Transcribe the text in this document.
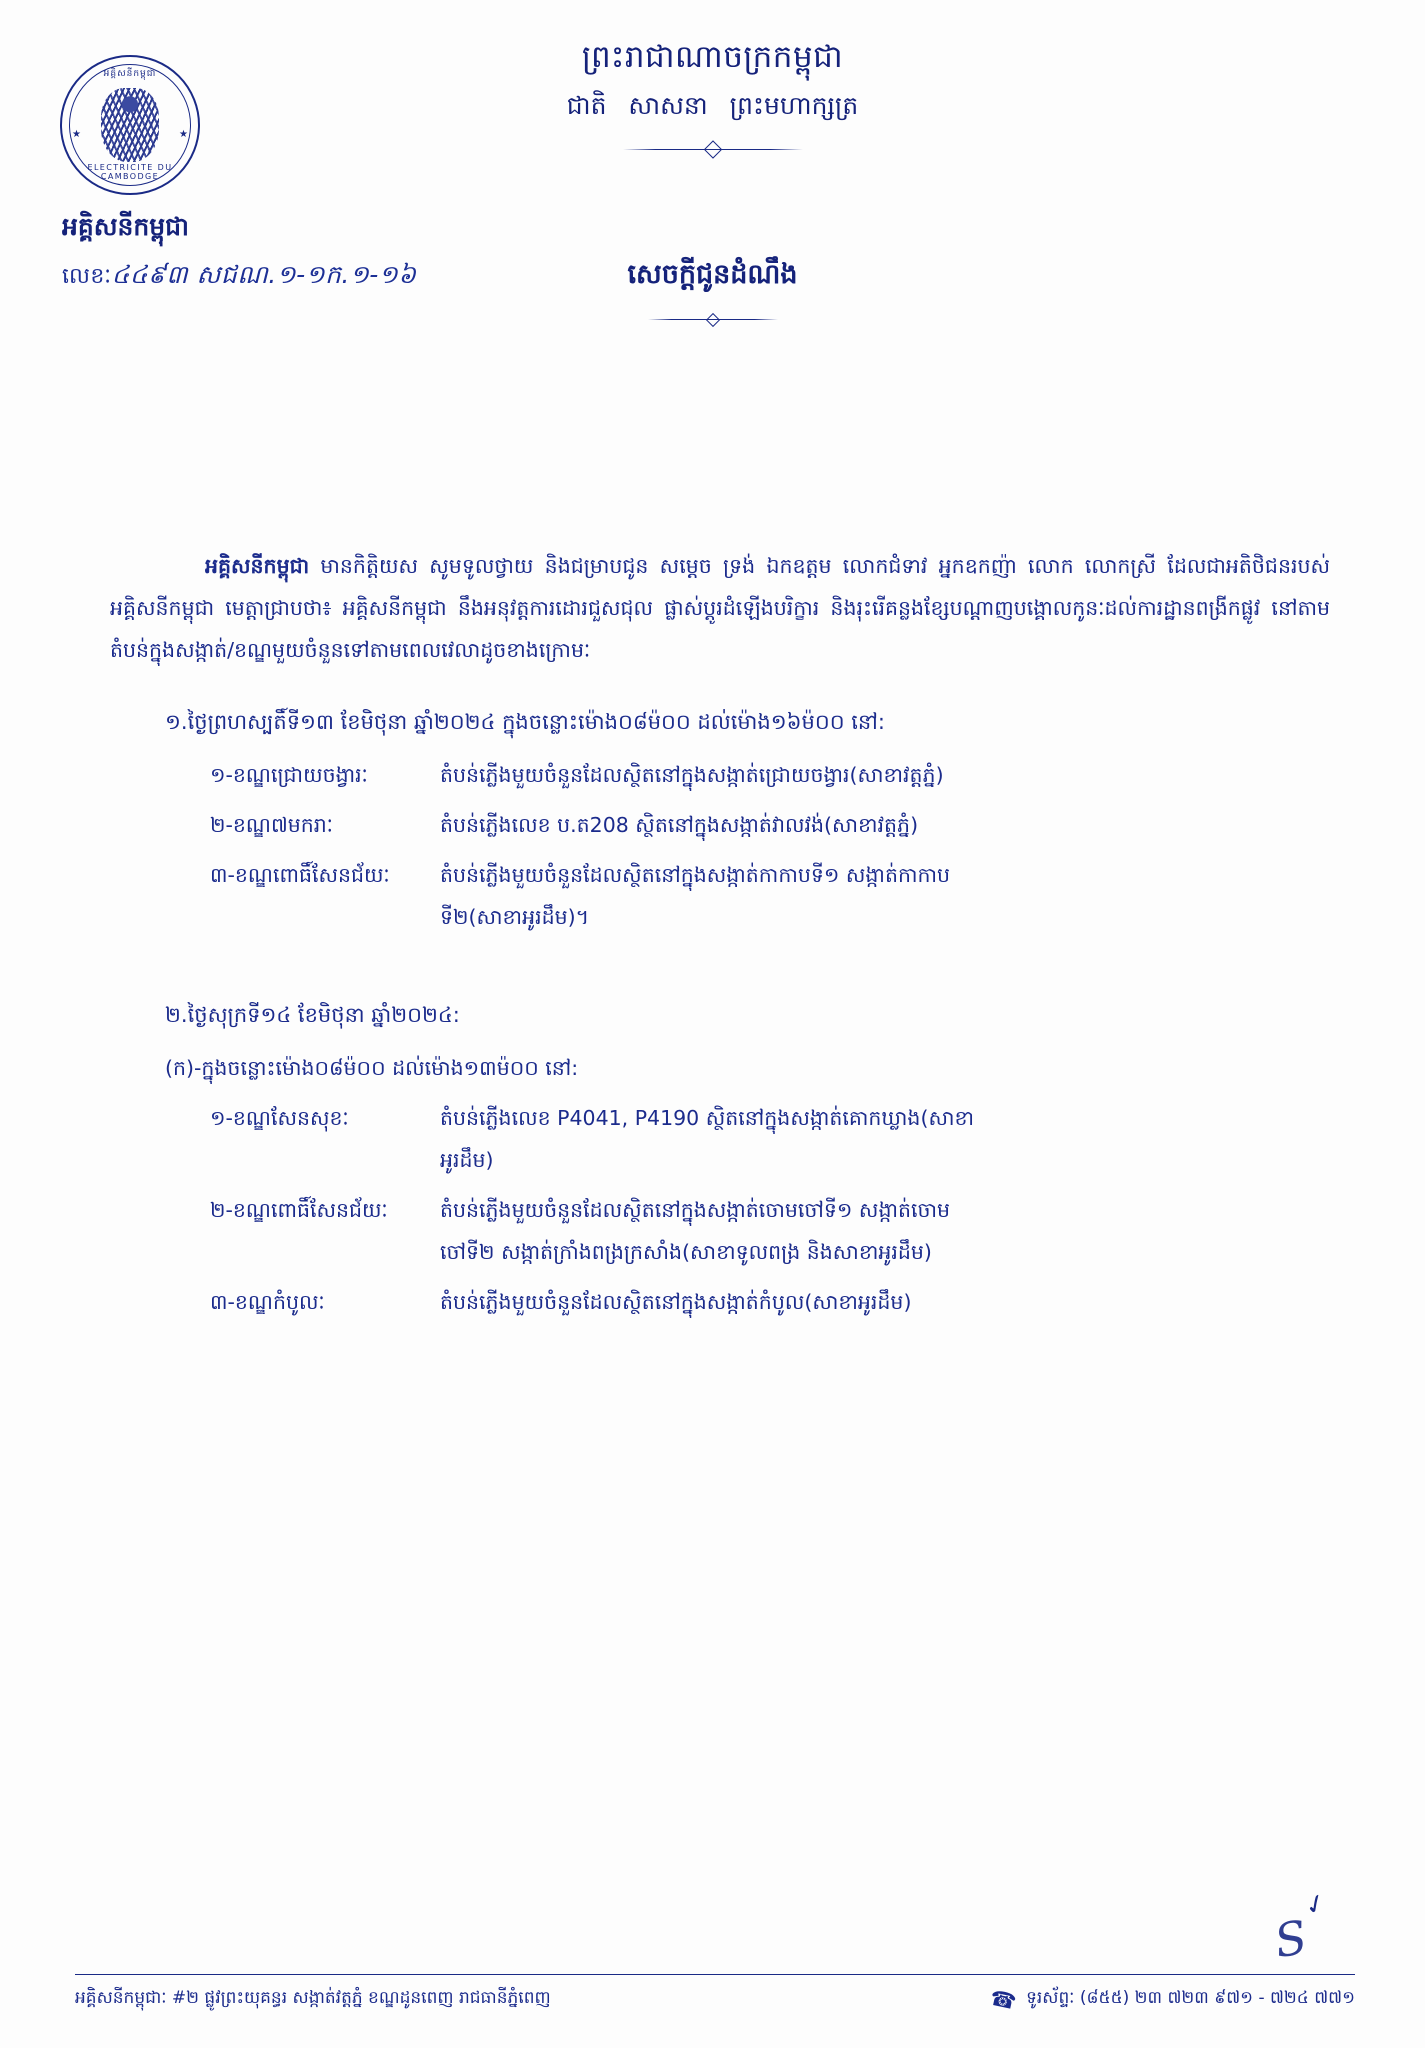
អគ្គិសនីកម្ពុជា
★	★
ELECTRICITE DU CAMBODGE
ព្រះរាជាណាចក្រកម្ពុជា
ជាតិ សាសនា ព្រះមហាក្សត្រ
អគ្គិសនីកម្ពុជា
លេខៈ៤៤៩៣ សជណ.១-១ក.១-១៦	សេចក្តីជូនដំណឹង
អគ្គិសនីកម្ពុជា មានកិត្តិយស សូមទូលថ្វាយ និងជម្រាបជូន សម្តេច ទ្រង់ ឯកឧត្តម លោកជំទាវ អ្នកឧកញ៉ា លោក លោកស្រី ដែលជាអតិថិជនរបស់អគ្គិសនីកម្ពុជា មេត្តាជ្រាបថា៖ អគ្គិសនីកម្ពុជា នឹងអនុវត្តការដោរជួសជុល ផ្លាស់ប្ដូរដំឡើងបរិក្ខារ និងរុះរើគន្លងខ្សែបណ្ដាញបង្គោលកូនៈដល់ការដ្ឋានពង្រីកផ្លូវ នៅតាមតំបន់ក្នុងសង្កាត់/ខណ្ឌមួយចំនួនទៅតាមពេលវេលាដូចខាងក្រោមៈ
១.ថ្ងៃព្រហស្បតិ៍ទី១៣ ខែមិថុនា ឆ្នាំ២០២៤ ក្នុងចន្លោះម៉ោង០៨ម៉០០ ដល់ម៉ោង១៦ម៉០០ នៅ:
១-ខណ្ឌជ្រោយចង្វារៈ	តំបន់ភ្លើងមួយចំនួនដែលស្ថិតនៅក្នុងសង្កាត់ជ្រោយចង្វារ(សាខាវត្តភ្នំ)
២-ខណ្ឌ៧មករាៈ	តំបន់ភ្លើងលេខ ប.ត208 ស្ថិតនៅក្នុងសង្កាត់វាលវង់(សាខាវត្តភ្នំ)
៣-ខណ្ឌពោធិ៍សែនជ័យៈ	តំបន់ភ្លើងមួយចំនួនដែលស្ថិតនៅក្នុងសង្កាត់កាកាបទី១ សង្កាត់កាកាប
ទី២(សាខាអូរដឹម)។
២.ថ្ងៃសុក្រទី១៤ ខែមិថុនា ឆ្នាំ២០២៤:
(ក)-ក្នុងចន្លោះម៉ោង០៨ម៉០០ ដល់ម៉ោង១៣ម៉០០ នៅ:
១-ខណ្ឌសែនសុខៈ	តំបន់ភ្លើងលេខ P4041, P4190 ស្ថិតនៅក្នុងសង្កាត់គោកឃ្លាង(សាខា
អូរដឹម)
២-ខណ្ឌពោធិ៍សែនជ័យៈ	តំបន់ភ្លើងមួយចំនួនដែលស្ថិតនៅក្នុងសង្កាត់ចោមចៅទី១ សង្កាត់ចោម
ចៅទី២ សង្កាត់ក្រាំងពង្រក្រសាំង(សាខាទូលពង្រ និងសាខាអូរដឹម)
៣-ខណ្ឌកំបូលៈ	តំបន់ភ្លើងមួយចំនួនដែលស្ថិតនៅក្នុងសង្កាត់កំបូល(សាខាអូរដឹម)
✓
S
អគ្គិសនីកម្ពុជាៈ #២ ផ្លូវព្រះយុគន្ធរ សង្កាត់វត្តភ្នំ ខណ្ឌដូនពេញ រាជធានីភ្នំពេញ	☎ ទូរស័ព្ទៈ (៨៥៥) ២៣ ៧២៣ ៩៧១ - ៧២៤ ៧៧១
